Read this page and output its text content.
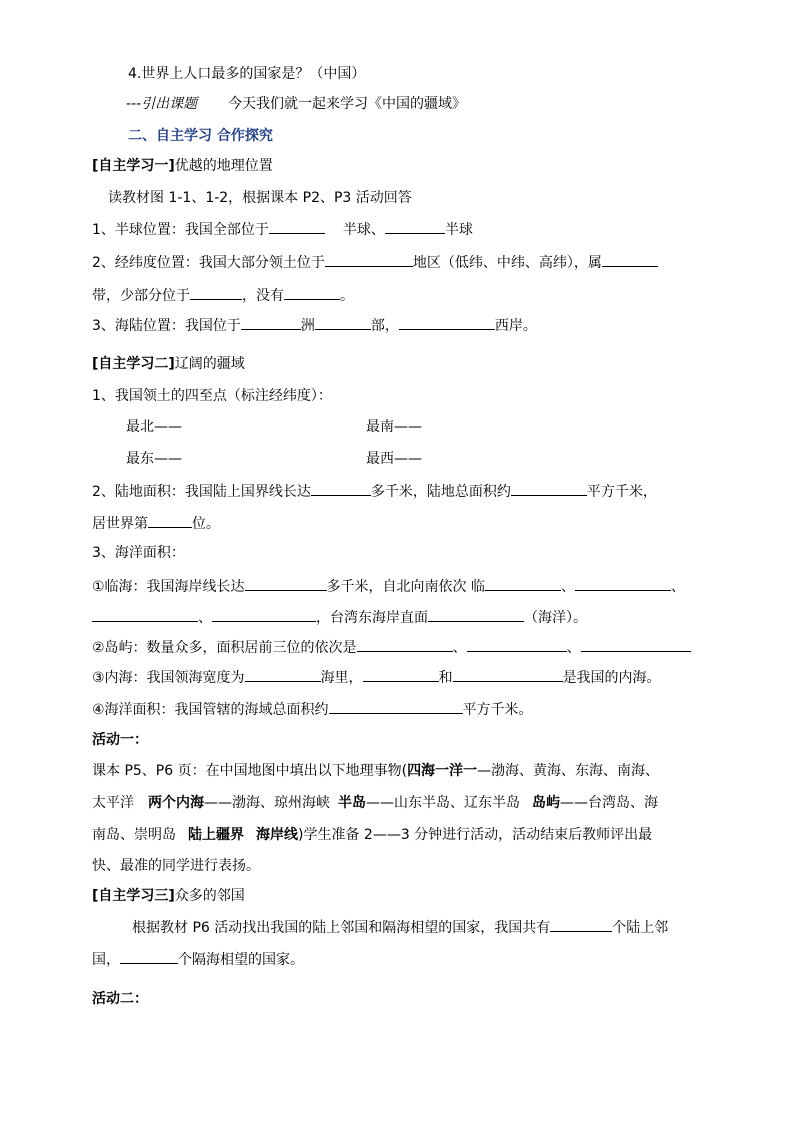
4.世界上人口最多的国家是？（中国）
---引出课题 今天我们就一起来学习《中国的疆域》
二、自主学习 合作探究
[自主学习一]优越的地理位置
读教材图 1-1、1-2，根据课本 P2、P3 活动回答
1、半球位置：我国全部位于	半球、	半球
2、经纬度位置：我国大部分领土位于	地区（低纬、中纬、高纬），属
带，少部分位于	，没有	。
3、海陆位置：我国位于	洲	部，	西岸。
[自主学习二]辽阔的疆域
1、我国领土的四至点（标注经纬度）：
最北——	最南——
最东——	最西——
2、陆地面积：我国陆上国界线长达	多千米，陆地总面积约	平方千米，
居世界第	位。
3、海洋面积：
①临海：我国海岸线长达	多千米，自北向南依次 临	、	、
、	，台湾东海岸直面	（海洋）。
②岛屿：数量众多，面积居前三位的依次是	、	、
③内海：我国领海宽度为	海里，	和	是我国的内海。
④海洋面积：我国管辖的海域总面积约	平方千米。
活动一：
课本 P5、P6 页：在中国地图中填出以下地理事物(四海一洋一—渤海、黄海、东海、南海、
太平洋 两个内海——渤海、琼州海峡 半岛——山东半岛、辽东半岛 岛屿——台湾岛、海
南岛、崇明岛 陆上疆界 海岸线)学生准备 2——3 分钟进行活动，活动结束后教师评出最
快、最准的同学进行表扬。
[自主学习三]众多的邻国
根据教材 P6 活动找出我国的陆上邻国和隔海相望的国家，我国共有	个陆上邻
国，	个隔海相望的国家。
活动二：
